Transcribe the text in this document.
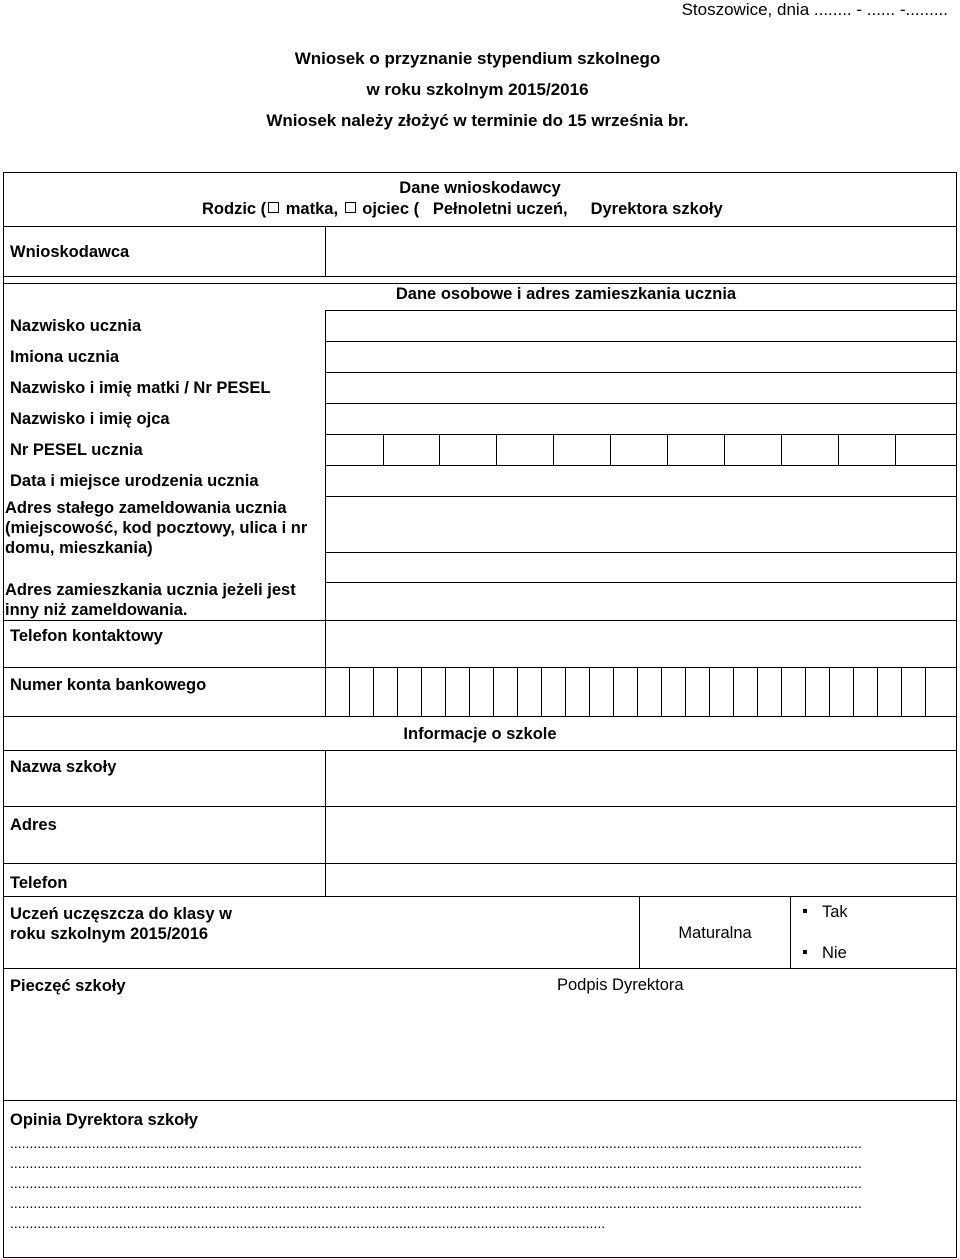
Stoszowice, dnia ........ - ...... -.........
Wniosek o przyznanie stypendium szkolnego
w roku szkolnym 2015/2016
Wniosek należy złożyć w terminie do 15 września br.
Dane wnioskodawcy
Rodzic ( matka, ojciec ( Pełnoletni uczeń, Dyrektora szkoły
Wnioskodawca
Dane osobowe i adres zamieszkania ucznia
Nazwisko ucznia
Imiona ucznia
Nazwisko i imię matki / Nr PESEL
Nazwisko i imię ojca
Nr PESEL ucznia
Data i miejsce urodzenia ucznia
Adres stałego zameldowania ucznia (miejscowość, kod pocztowy, ulica i nr domu, mieszkania)
Adres zamieszkania ucznia jeżeli jest inny niż zameldowania.
Telefon kontaktowy
Numer konta bankowego
Informacje o szkole
Nazwa szkoły
Adres
Telefon
Uczeń uczęszcza do klasy w roku szkolnym 2015/2016	Maturalna
Tak
Nie
Pieczęć szkoły	Podpis Dyrektora
Opinia Dyrektora szkoły
...........................................................................................................................................................................................................................
...........................................................................................................................................................................................................................
...........................................................................................................................................................................................................................
...........................................................................................................................................................................................................................
.........................................................................................................................................................
